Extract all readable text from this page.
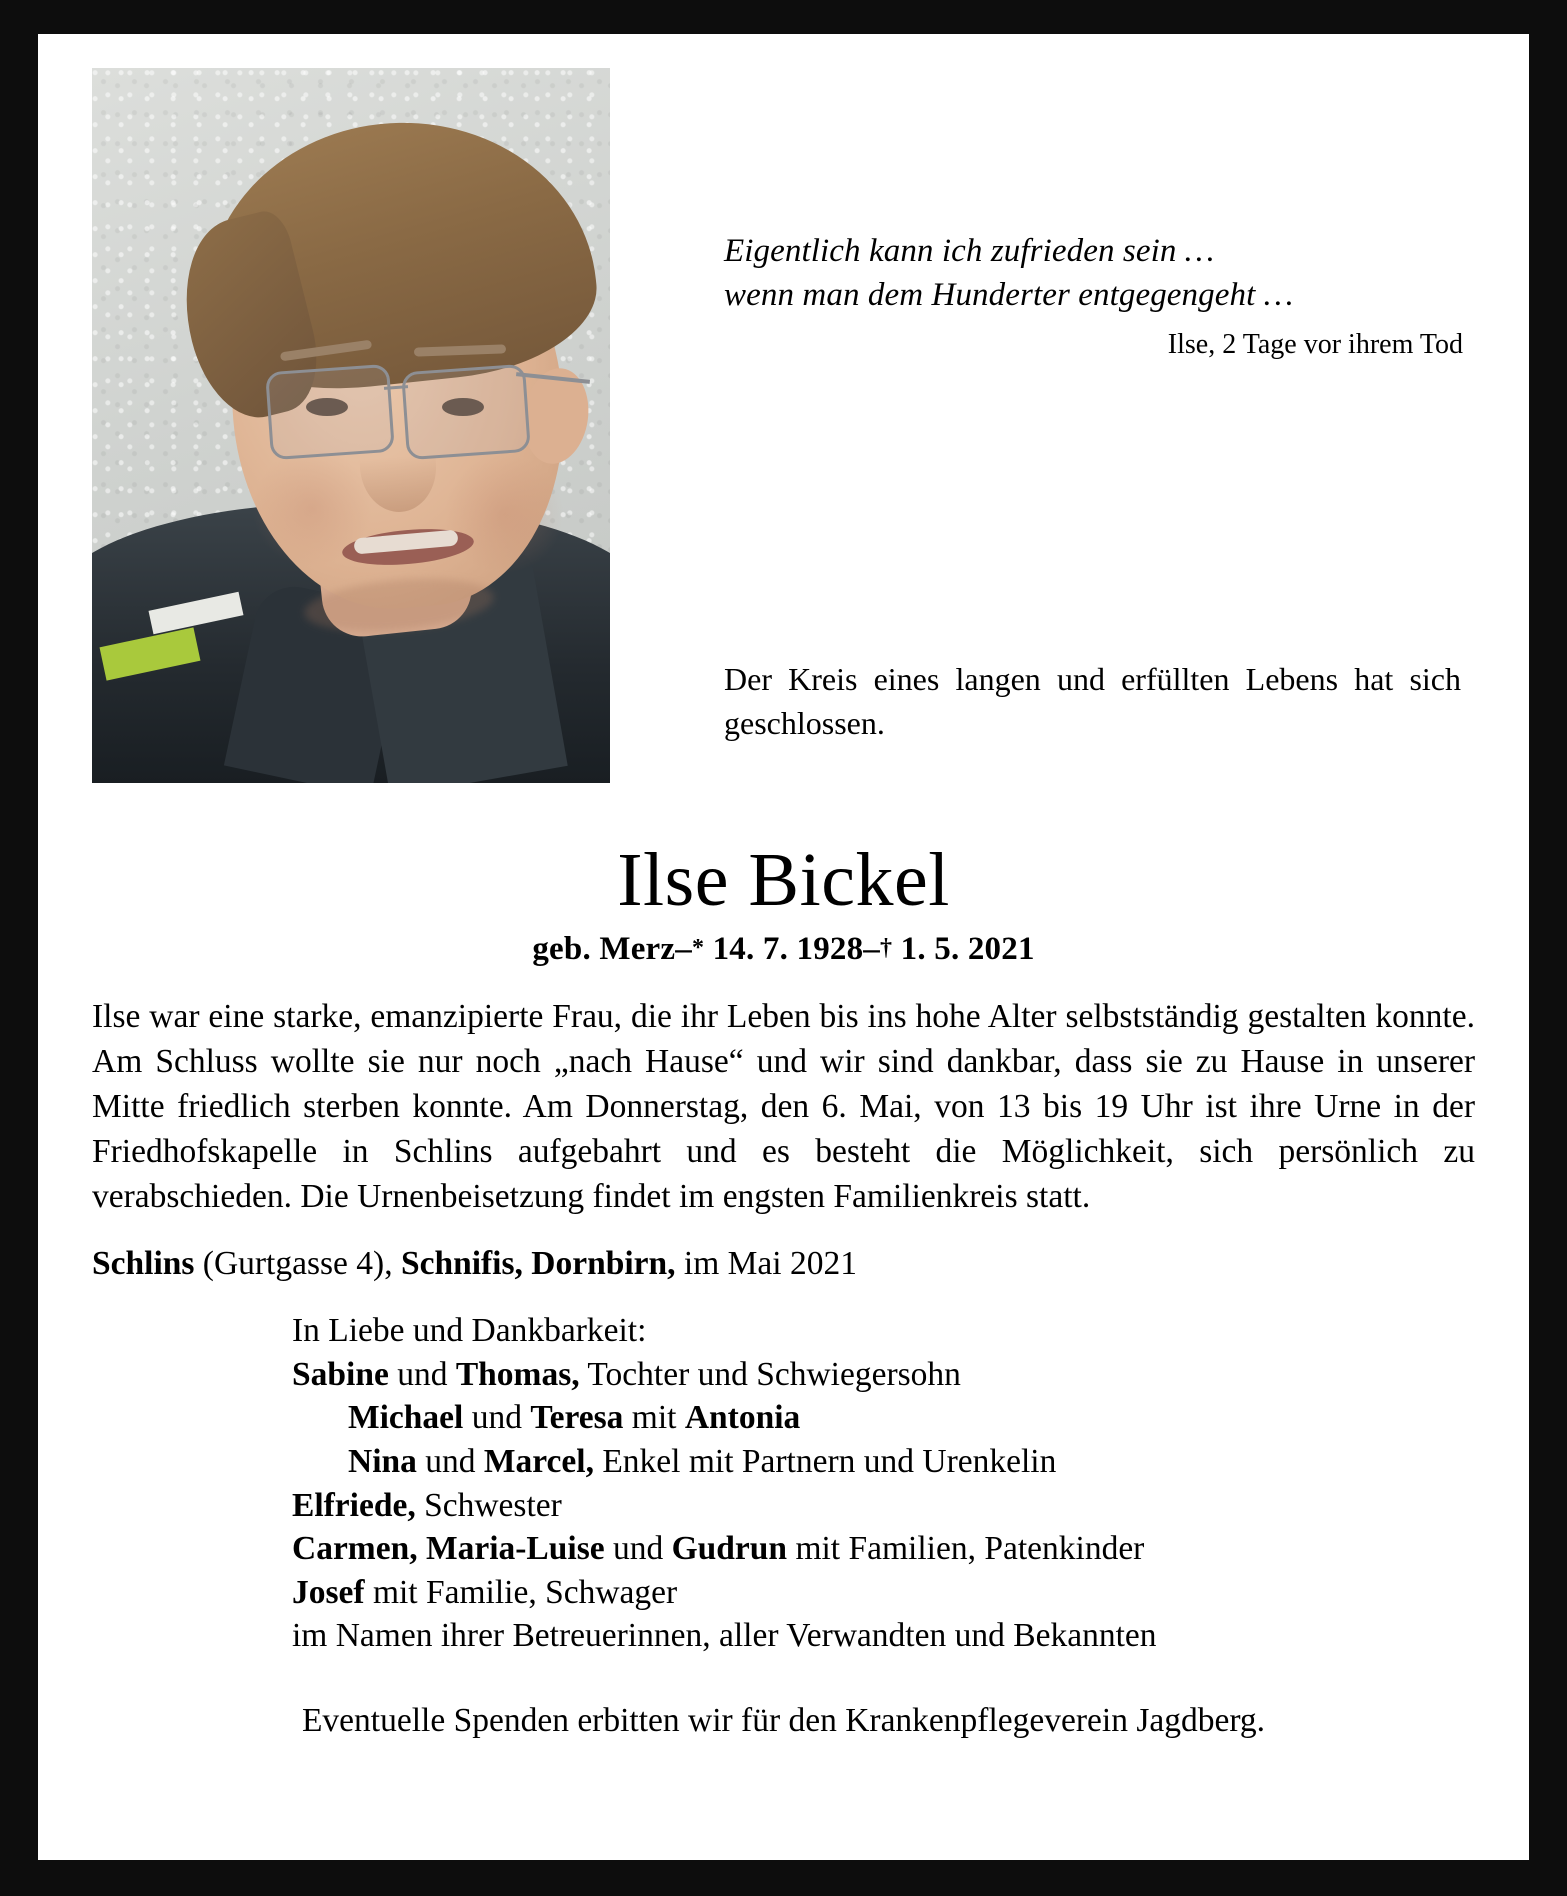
Eigentlich kann ich zufrieden sein …
wenn man dem Hunderter entgegengeht …
Ilse, 2 Tage vor ihrem Tod
Der Kreis eines langen und erfüllten Lebens hat sich geschlossen.
Ilse Bickel
geb. Merz–* 14. 7. 1928–† 1. 5. 2021
Ilse war eine starke, emanzipierte Frau, die ihr Leben bis ins hohe Alter selbstständig gestalten konnte. Am Schluss wollte sie nur noch „nach Hause“ und wir sind dankbar, dass sie zu Hause in unserer Mitte friedlich sterben konnte. Am Donnerstag, den 6. Mai, von 13 bis 19 Uhr ist ihre Urne in der Friedhofskapelle in Schlins aufgebahrt und es besteht die Möglichkeit, sich persönlich zu verabschieden. Die Urnenbeisetzung findet im engsten Familienkreis statt.
Schlins (Gurtgasse 4), Schnifis, Dornbirn, im Mai 2021
In Liebe und Dankbarkeit:
Sabine und Thomas, Tochter und Schwiegersohn
Michael und Teresa mit Antonia
Nina und Marcel, Enkel mit Partnern und Urenkelin
Elfriede, Schwester
Carmen, Maria-Luise und Gudrun mit Familien, Patenkinder
Josef mit Familie, Schwager
im Namen ihrer Betreuerinnen, aller Verwandten und Bekannten
Eventuelle Spenden erbitten wir für den Krankenpflegeverein Jagdberg.
